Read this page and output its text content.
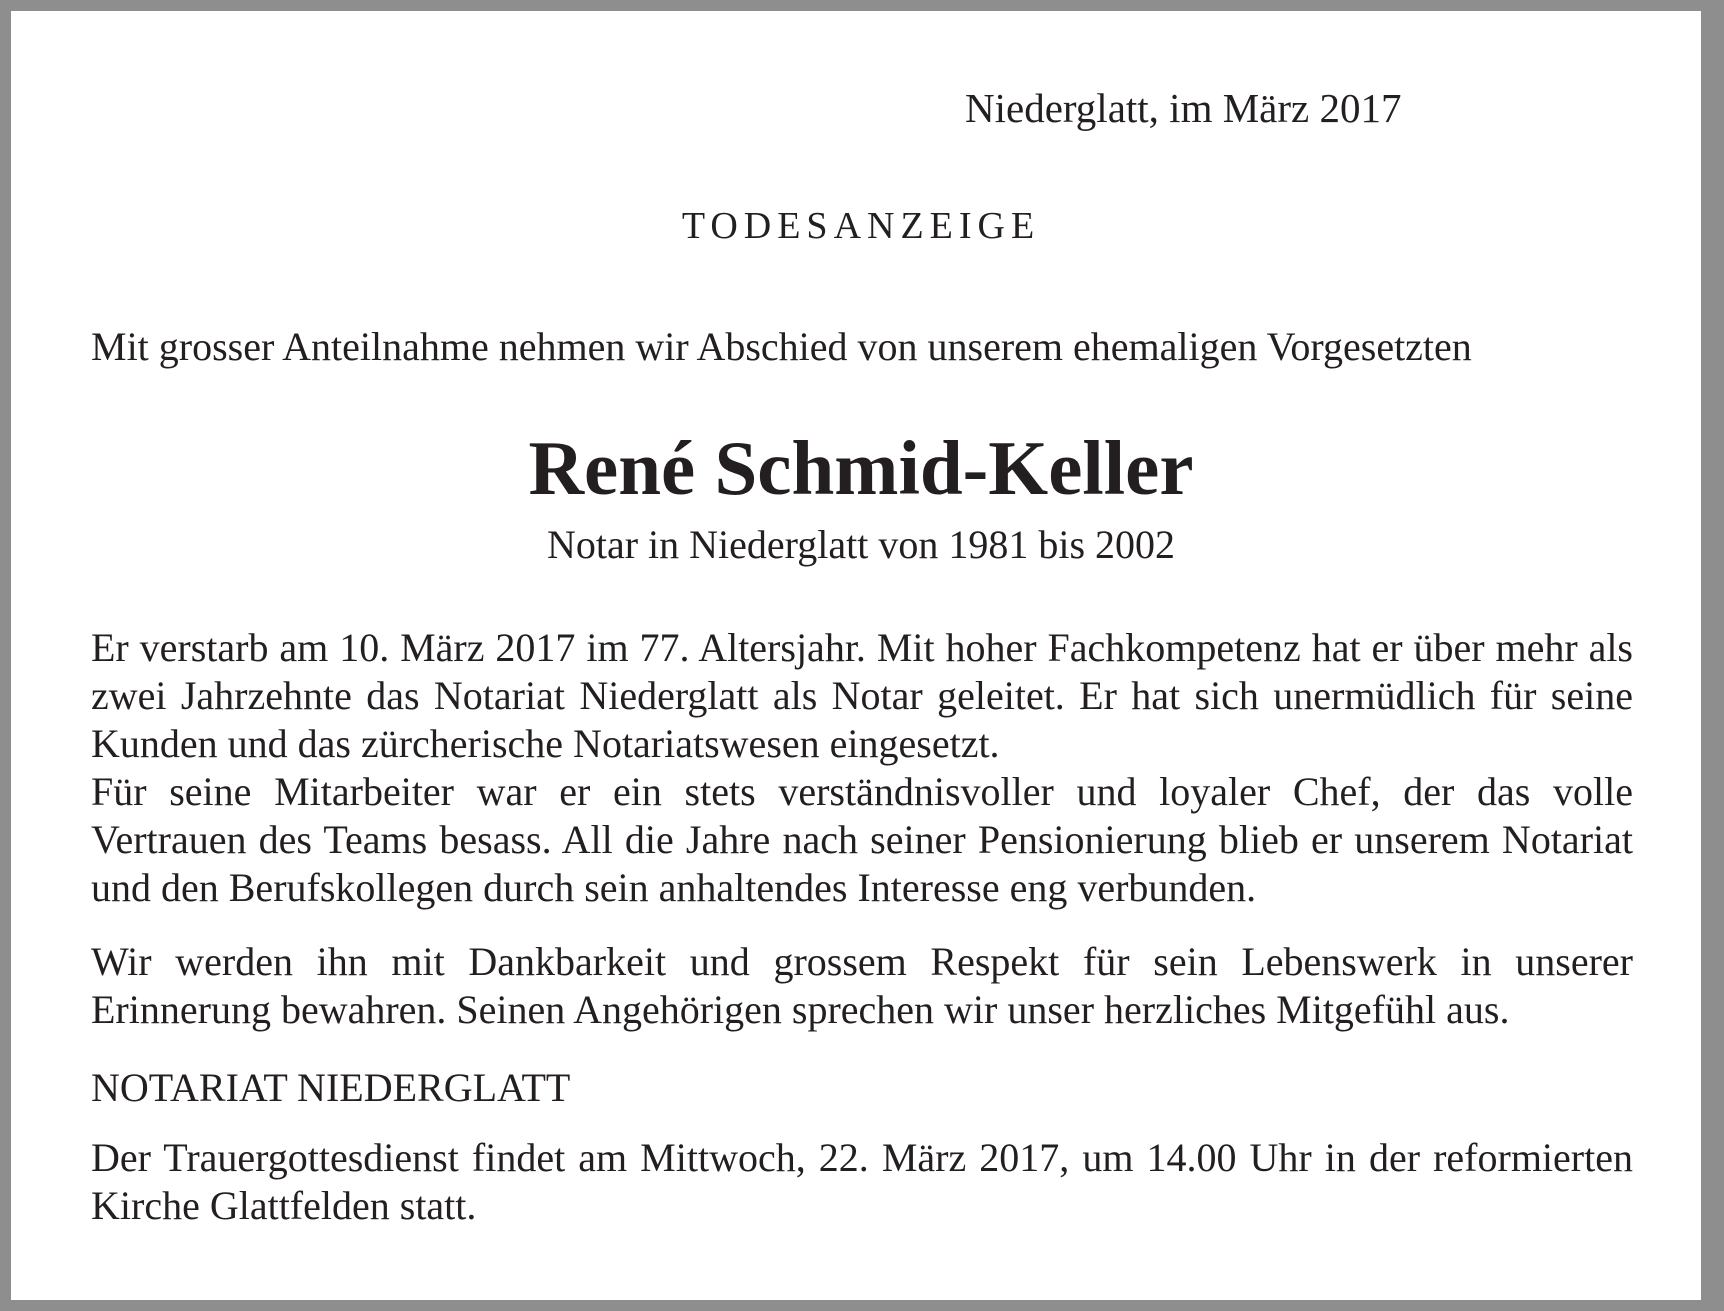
Niederglatt, im März 2017

TODESANZEIGE

Mit grosser Anteilnahme nehmen wir Abschied von unserem ehemaligen Vorgesetzten

René Schmid-Keller

Notar in Niederglatt von 1981 bis 2002

Er verstarb am 10. März 2017 im 77. Altersjahr. Mit hoher Fachkompetenz hat er über mehr als zwei Jahrzehnte das Notariat Niederglatt als Notar geleitet. Er hat sich unermüdlich für seine Kunden und das zürcherische Notariatswesen eingesetzt.

Für seine Mitarbeiter war er ein stets verständnisvoller und loyaler Chef, der das volle Vertrauen des Teams besass. All die Jahre nach seiner Pensionierung blieb er unserem Notariat und den Berufskollegen durch sein anhaltendes Interesse eng verbunden.

Wir werden ihn mit Dankbarkeit und grossem Respekt für sein Lebenswerk in unserer Erinnerung bewahren. Seinen Angehörigen sprechen wir unser herzliches Mitgefühl aus.

NOTARIAT NIEDERGLATT

Der Trauergottesdienst findet am Mittwoch, 22. März 2017, um 14.00 Uhr in der reformierten Kirche Glattfelden statt.
